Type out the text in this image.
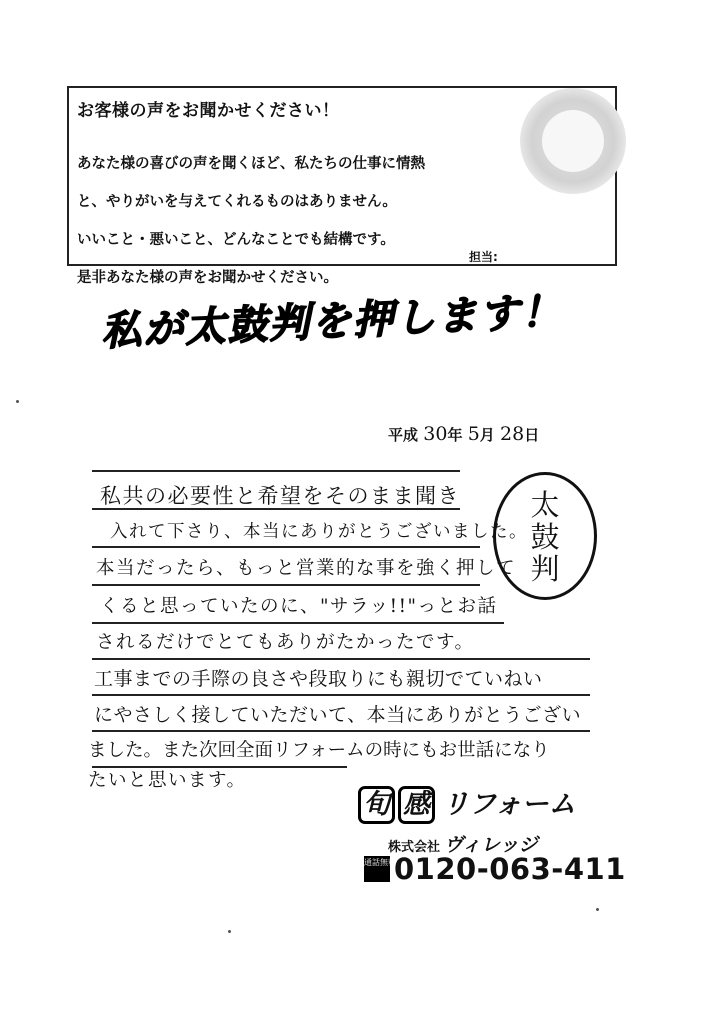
お客様の声をお聞かせください！

あなた様の喜びの声を聞くほど、私たちの仕事に情熱

と、やりがいを与えてくれるものはありません。

いいこと・悪いこと、どんなことでも結構です。

是非あなた様の声をお聞かせください。

担当:
私が太鼓判を押します！
平成 30年 5月 28日
私共の必要性と希望をそのまま聞き
入れて下さり、本当にありがとうございました。
本当だったら、もっと営業的な事を強く押して
くると思っていたのに、"サラッ!!"っとお話
されるだけでとてもありがたかったです。
工事までの手際の良さや段取りにも親切でていねい
にやさしく接していただいて、本当にありがとうござい
ました。また次回全面リフォームの時にもお世話になり
たいと思います。
太
鼓
判
旬 感 リフォーム
株式会社 ヴィレッジ
通話無料0120-063-411
